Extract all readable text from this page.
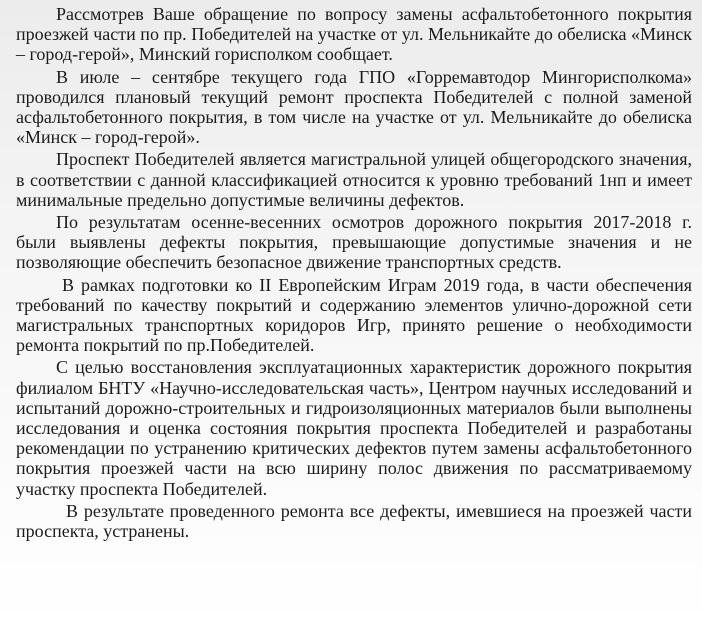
Рассмотрев Ваше обращение по вопросу замены асфальтобетонного покрытия проезжей части по пр. Победителей на участке от ул. Мельникайте до обелиска «Минск – город-герой», Минский горисполком сообщает.

В июле – сентябре текущего года ГПО «Горремавтодор Мингорисполкома» проводился плановый текущий ремонт проспекта Победителей с полной заменой асфальтобетонного покрытия, в том числе на участке от ул. Мельникайте до обелиска «Минск – город-герой».

Проспект Победителей является магистральной улицей общегородского значения, в соответствии с данной классификацией относится к уровню требований 1нп и имеет минимальные предельно допустимые величины дефектов.

По результатам осенне-весенних осмотров дорожного покрытия 2017-2018 г. были выявлены дефекты покрытия, превышающие допустимые значения и не позволяющие обеспечить безопасное движение транспортных средств.

В рамках подготовки ко II Европейским Играм 2019 года, в части обеспечения требований по качеству покрытий и содержанию элементов улично-дорожной сети магистральных транспортных коридоров Игр, принято решение о необходимости ремонта покрытий по пр.Победителей.

С целью восстановления эксплуатационных характеристик дорожного покрытия филиалом БНТУ «Научно-исследовательская часть», Центром научных исследований и испытаний дорожно-строительных и гидроизоляционных материалов были выполнены исследования и оценка состояния покрытия проспекта Победителей и разработаны рекомендации по устранению критических дефектов путем замены асфальтобетонного покрытия проезжей части на всю ширину полос движения по рассматриваемому участку проспекта Победителей.

В результате проведенного ремонта все дефекты, имевшиеся на проезжей части проспекта, устранены.
